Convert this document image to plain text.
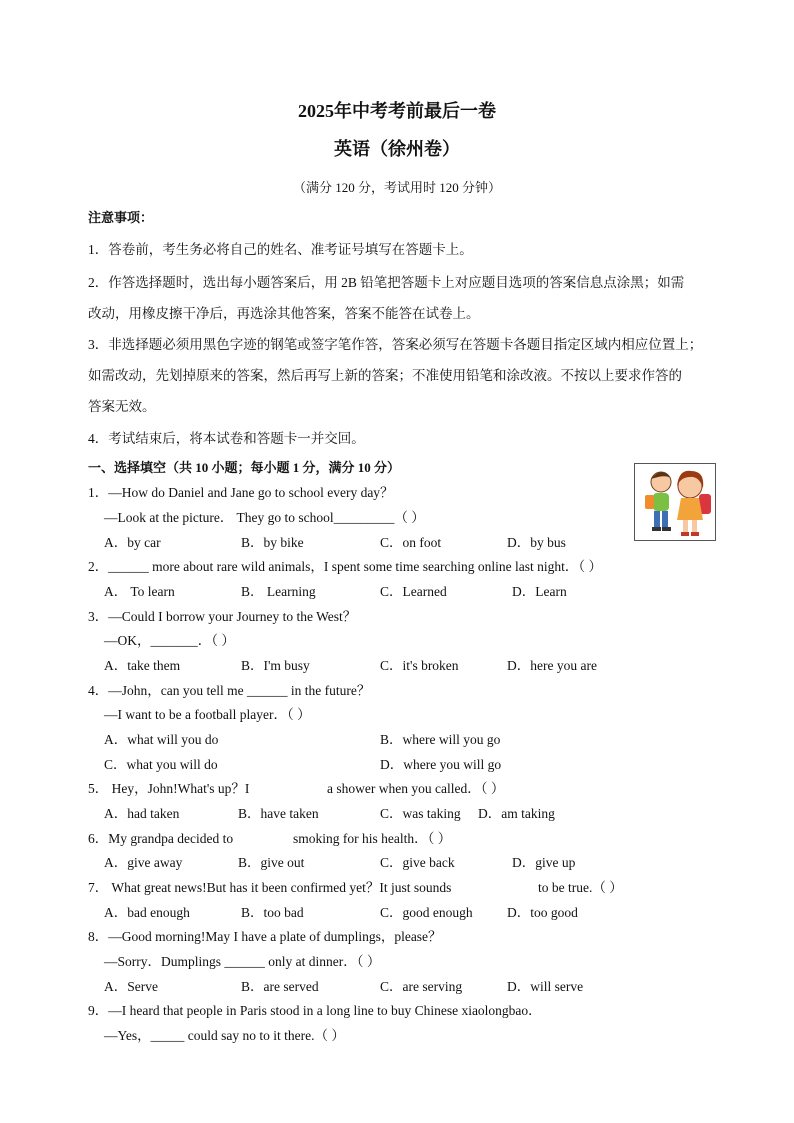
2025年中考考前最后一卷
英语（徐州卷）
（满分 120 分，考试用时 120 分钟）
注意事项：
1．答卷前，考生务必将自己的姓名、准考证号填写在答题卡上。
2．作答选择题时，选出每小题答案后，用 2B 铅笔把答题卡上对应题目选项的答案信息点涂黑；如需
改动，用橡皮擦干净后，再选涂其他答案，答案不能答在试卷上。
3．非选择题必须用黑色字迹的钢笔或签字笔作答，答案必须写在答题卡各题目指定区域内相应位置上；
如需改动，先划掉原来的答案，然后再写上新的答案；不准使用铅笔和涂改液。不按以上要求作答的
答案无效。
4．考试结束后，将本试卷和答题卡一并交回。
一、选择填空（共 10 小题；每小题 1 分，满分 10 分）
1．—How do Daniel and Jane go to school every day？
—Look at the picture． They go to school_________（ ）
A．by car	B．by bike	C．on foot	D．by bus
2．______ more about rare wild animals，I spent some time searching online last night．（ ）
A． To learn	B． Learning	C．Learned	D．Learn
3．—Could I borrow your Journey to the West？
—OK，_______．（ ）
A．take them	B．I'm busy	C．it's broken	D．here you are
4．—John，can you tell me ______ in the future？
—I want to be a football player．（ ）
A．what will you do	B．where will you go
C．what you will do	D．where you will go
5． Hey，John!What's up？I	a shower when you called．（ ）
A．had taken	B．have taken	C．was taking D．am taking
6．My grandpa decided to	smoking for his health．（ ）
A．give away	B．give out	C．give back	D．give up
7． What great news!But has it been confirmed yet？It just sounds	to be true.（ ）
A．bad enough	B．too bad	C．good enough	D．too good
8．—Good morning!May I have a plate of dumplings，please？
—Sorry．Dumplings ______ only at dinner．（ ）
A．Serve	B．are served	C．are serving	D．will serve
9．—I heard that people in Paris stood in a long line to buy Chinese xiaolongbao．
—Yes，_____ could say no to it there.（ ）
